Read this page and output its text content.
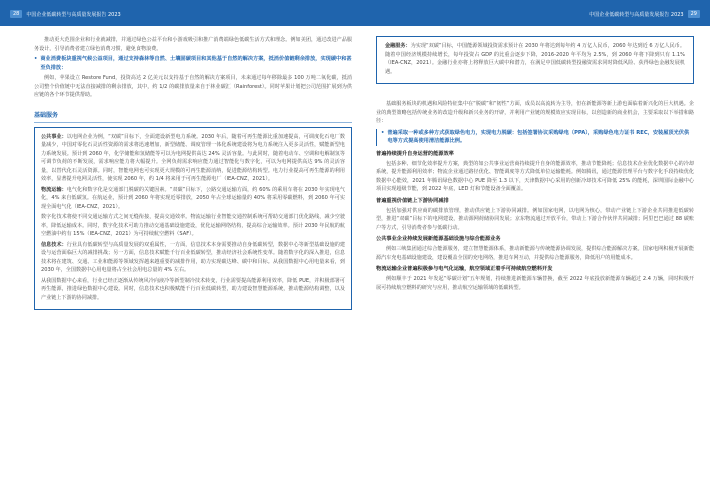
28	中国企业低碳转型与高质量发展报告 2023	中国企业低碳转型与高质量发展报告 2023	29

推动更大范围企业和行业就减排，并通过绿色公益平台和小游戏吸引和推广消费端绿色低碳生活方式和理念。例如美团，通过改进产品服务设计，引导消费者建立绿色消费习惯，避免食物浪费。

• 商业消费板块重视气候公益项目，通过支持森林等自然、土壤固碳项目和其他基于自然的解决方案，抵消价值链剩余排放，实现碳中和甚至负排放：

例如，苹果设立 Restore Fund，投资高达 2 亿美元以支持基于自然的解决方案项目，未来通过每年移除最多 100 万吨二氧化碳，抵消公司整个价值链中无法直接减排的剩余排放，其中，约 1/2 的碳排放量来自于林业碳汇（Rainforest）。同时苹果计划把公司范围扩展到为供应链的各个环节提供帮助。

基础服务

公共事业：以电网企业为例，“双碳”目标下，全面建设新型电力系统。2030 年后，随着可再生能源比重加速提高，可调度化石电厂数量减少，中国对零化石灵活性资源的需求将迅速增加，新型储能、调度管理一体化系统建设将为电力系统注入更多灵活性，赋能新型电力系统发展。预计到 2060 年，化学储能和氢储能等可以为电网提供高达 24% 灵活容量。与此同时，随着电动车、空调和电解制氢等可调节负荷的不断发展，需求响应能力将大幅提升。全网负荷需求响应能力通过智能化与数字化，可以为电网提供高达 9% 的灵活容量，以替代化石灵活资源。同时，智能电网也可实现更大规模的可再生能源消纳，促进能源结构转型。电力行业提高可再生能源的利用效率，显著提升电网灵活性，使实现 2060 年，约 1/4 将来用于可再生能源电厂（IEA-CNZ，2021）。

物流运输：电气化和数字化是交通部门脱碳的关键因素。“双碳”目标下，公路交通运输方面，约 60% 的乘用车将在 2030 年实现电气化，4% 来自低碳氢。在航运业，预计到 2060 年将实现近零排放，2050 年占全球运输量的 40% 将采用零碳燃料，到 2060 年可实现全面电气化（IEA-CNZ，2021）。

数字化技术将使不同交通运输方式之间无缝衔接，提高交通效率。物流运输行业智能交通控制系统可帮助交通部门优化路线，减少空驶率，降低运输成本。同时，数字化技术可助力推动交通基础设施建设，优化运输网络结构，提高综合运输效率。预计 2030 年民航的航空燃油中约有 15%（IEA-CNZ，2021）为可持续航空燃料（SAF）。

信息技术：行业具有低碳转型与高质量发展的双重属性，一方面，信息技术本身需要推动自身低碳转型，数据中心等新型基础设施的建设与运营面临巨大的减排挑战；另一方面，信息技术赋能千行百业低碳转型，推动经济社会系统性变革。随着数字化的深入推进，信息技术将在建筑、交通、工业和能源等领域发挥越来越重要的减排作用，助力实现碳达峰、碳中和目标。从我国数据中心用电量来看，到 2030 年，全国数据中心用电量将占全社会用电总量的 4% 左右。

从我国数据中心来看，行业已经正逐渐从传统风冷向液冷等新型制冷技术转变，行业需要提高能源利用效率，降低 PUE，并积极部署可再生能源，推进绿色数据中心建设。同时，信息技术也积极赋能千行百业低碳转型，助力建设智慧能源系统，推动能源结构调整，以及产业链上下游的协同减排。

金融服务：为实现“双碳”目标，中国能源领域投资需求预计在 2030 年将达到每年约 4 万亿人民币，2060 年达到近 6 万亿人民币。随着中国经济规模持续增长，每年投资占 GDP 的比重会逐步下降，2016-2020 年平均为 2.5%，到 2060 年将下降到只有 1.1%（IEA-CNZ，2021）。金融行业亦将上将释放巨大碳中和潜力，在满足中国低碳转型投融资需求同时降低风险、获得绿色金融发展机遇。

基础服务板块的机遇和风险特征集中在“脱碳”和“韧性”方面，成员以高流转为主导，但在新能源等新上游也面临着新兴化的巨大机遇。企业的典型策略包括传统业务的改造升级和新兴业务的开辟，并利用产业链的规模效应实现目标，以创造新的商业机会，主要采取以下举措和路径：

• 普遍采取一种或多种方式获取绿色电力，实现电力脱碳：包括签署协议采购绿电（PPA），采购绿色电力证书 REC，安装屋顶光伏供电等方式提高使用清洁能源比例。
普遍持续提升自身运营的能源效率

包括多种、细节化效率提升方案，典型的如公共事业运营商持续提升自身的能源效率，推动节能降耗；信息技术企业优化数据中心的冷却系统，提升能源利用效率；物流企业通过路径优化、智能调度等方式降低单位运输能耗。例如腾讯，通过能源管理平台与数字化手段持续优化数据中心能效，2021 年腾讯绿色数据中心 PUE 降至 1.3 以下，天津数据中心采用的创新冷却技术可降低 25% 的能耗，深圳国际金融中心项目实现超级节能，到 2022 年底，LED 灯和节能设备全面覆盖。

普遍重视价值链上下游协同减排

包括加强对供应商的碳排放管理，推动供应链上下游协同减排。例如国家电网，以电网为核心，带动产业链上下游企业共同推进低碳转型，推进“双碳”目标下的电网建设，推动源网荷储协同发展；京东物流通过开放平台，带动上下游合作伙伴共同减排；阿里巴巴通过 88 碳账户等方式，引导消费者参与低碳行动。

公共事业企业持续发展新能源基础设施与综合能源业务

例如三峡集团通过综合能源服务，建立智慧能源体系，推动新能源与传统能源协调发展，提供综合能源解决方案。国家电网积极开展新能源汽车充电基础设施建设，建设覆盖全国的充电网络，推进车网互动，并提供综合能源服务，降低用户的用能成本。

物流运输企业普遍积极参与电气化运输，航空领域正着手可持续航空燃料开发

例如顺丰于 2021 年发起“零碳计划”五年规划，持续推进新能源车辆替换，截至 2022 年底投放新能源车辆超过 2.4 万辆，同时积极开展可持续航空燃料的研究与应用，推动航空运输领域的低碳转型。
